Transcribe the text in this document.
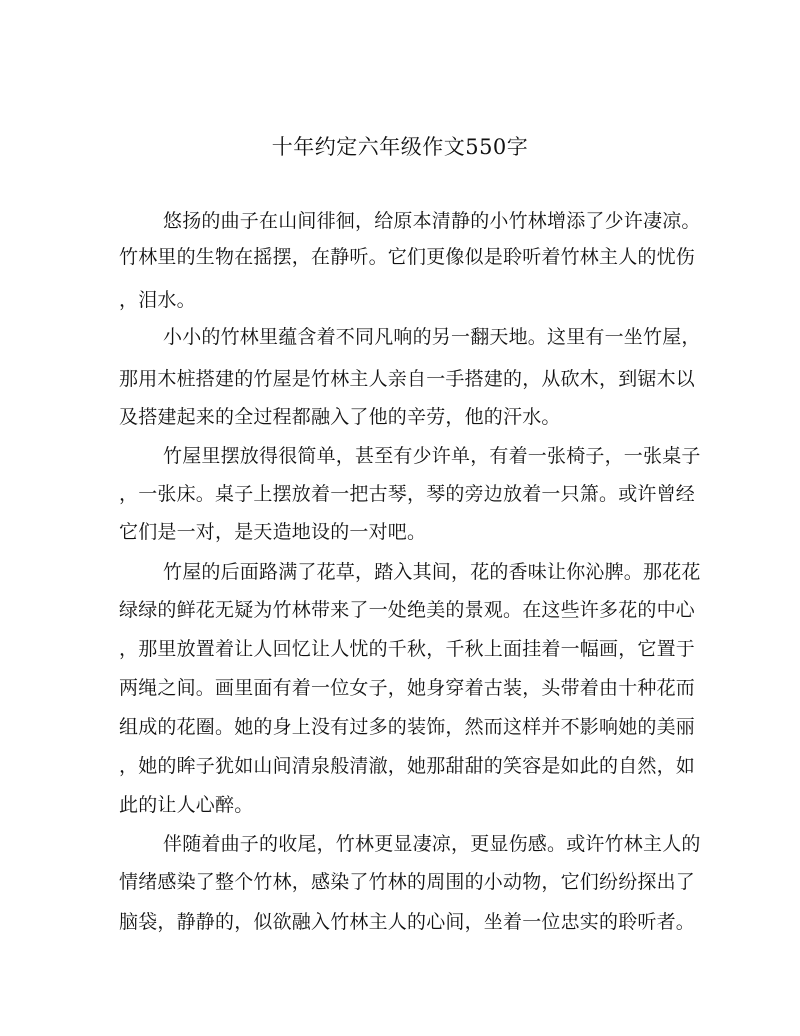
十年约定六年级作文550字
悠扬的曲子在山间徘徊，给原本清静的小竹林增添了少许凄凉。
竹林里的生物在摇摆，在静听。它们更像似是聆听着竹林主人的忧伤
，泪水。
小小的竹林里蕴含着不同凡响的另一翻天地。这里有一坐竹屋，
那用木桩搭建的竹屋是竹林主人亲自一手搭建的，从砍木，到锯木以
及搭建起来的全过程都融入了他的辛劳，他的汗水。
竹屋里摆放得很简单，甚至有少许单，有着一张椅子，一张桌子
，一张床。桌子上摆放着一把古琴，琴的旁边放着一只箫。或许曾经
它们是一对，是天造地设的一对吧。
竹屋的后面路满了花草，踏入其间，花的香味让你沁脾。那花花
绿绿的鲜花无疑为竹林带来了一处绝美的景观。在这些许多花的中心
，那里放置着让人回忆让人忧的千秋，千秋上面挂着一幅画，它置于
两绳之间。画里面有着一位女子，她身穿着古装，头带着由十种花而
组成的花圈。她的身上没有过多的装饰，然而这样并不影响她的美丽
，她的眸子犹如山间清泉般清澈，她那甜甜的笑容是如此的自然，如
此的让人心醉。
伴随着曲子的收尾，竹林更显凄凉，更显伤感。或许竹林主人的
情绪感染了整个竹林，感染了竹林的周围的小动物，它们纷纷探出了
脑袋，静静的，似欲融入竹林主人的心间，坐着一位忠实的聆听者。
